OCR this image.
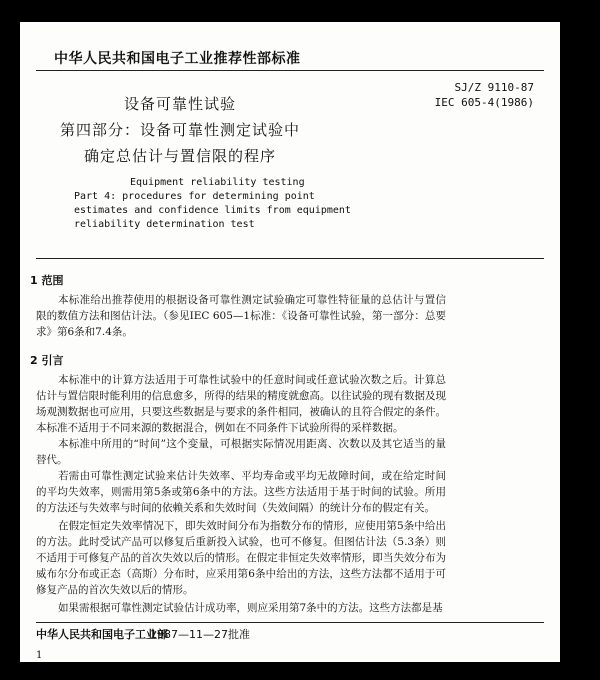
中华人民共和国电子工业推荐性部标准
SJ/Z 9110-87
IEC 605-4(1986)
设备可靠性试验
第四部分：设备可靠性测定试验中
确定总估计与置信限的程序
Equipment reliability testing
Part 4: procedures for determining point
estimates and confidence limits from equipment
reliability determination test
1 范围
本标准给出推荐使用的根据设备可靠性测定试验确定可靠性特征量的总估计与置信限的数值方法和图估计法。（参见IEC 605—1标准：《设备可靠性试验，第一部分：总要求》第6条和7.4条。
2 引言
本标准中的计算方法适用于可靠性试验中的任意时间或任意试验次数之后。计算总估计与置信限时能利用的信息愈多，所得的结果的精度就愈高。以往试验的现有数据及现场观测数据也可应用，只要这些数据是与要求的条件相同，被确认的且符合假定的条件。本标准不适用于不同来源的数据混合，例如在不同条件下试验所得的采样数据。
本标准中所用的“时间”这个变量，可根据实际情况用距离、次数以及其它适当的量替代。
若需由可靠性测定试验来估计失效率、平均寿命或平均无故障时间，或在给定时间的平均失效率，则需用第5条或第6条中的方法。这些方法适用于基于时间的试验。所用的方法还与失效率与时间的依赖关系和失效时间（失效间隔）的统计分布的假定有关。
在假定恒定失效率情况下，即失效时间分布为指数分布的情形，应使用第5条中给出的方法。此时受试产品可以修复后重新投入试验，也可不修复。但图估计法（5.3条）则不适用于可修复产品的首次失效以后的情形。在假定非恒定失效率情形，即当失效分布为威布尔分布或正态（高斯）分布时，应采用第6条中给出的方法，这些方法都不适用于可修复产品的首次失效以后的情形。
如果需根据可靠性测定试验估计成功率，则应采用第7条中的方法。这些方法都是基
中华人民共和国电子工业部
1987—11—27批准
1
